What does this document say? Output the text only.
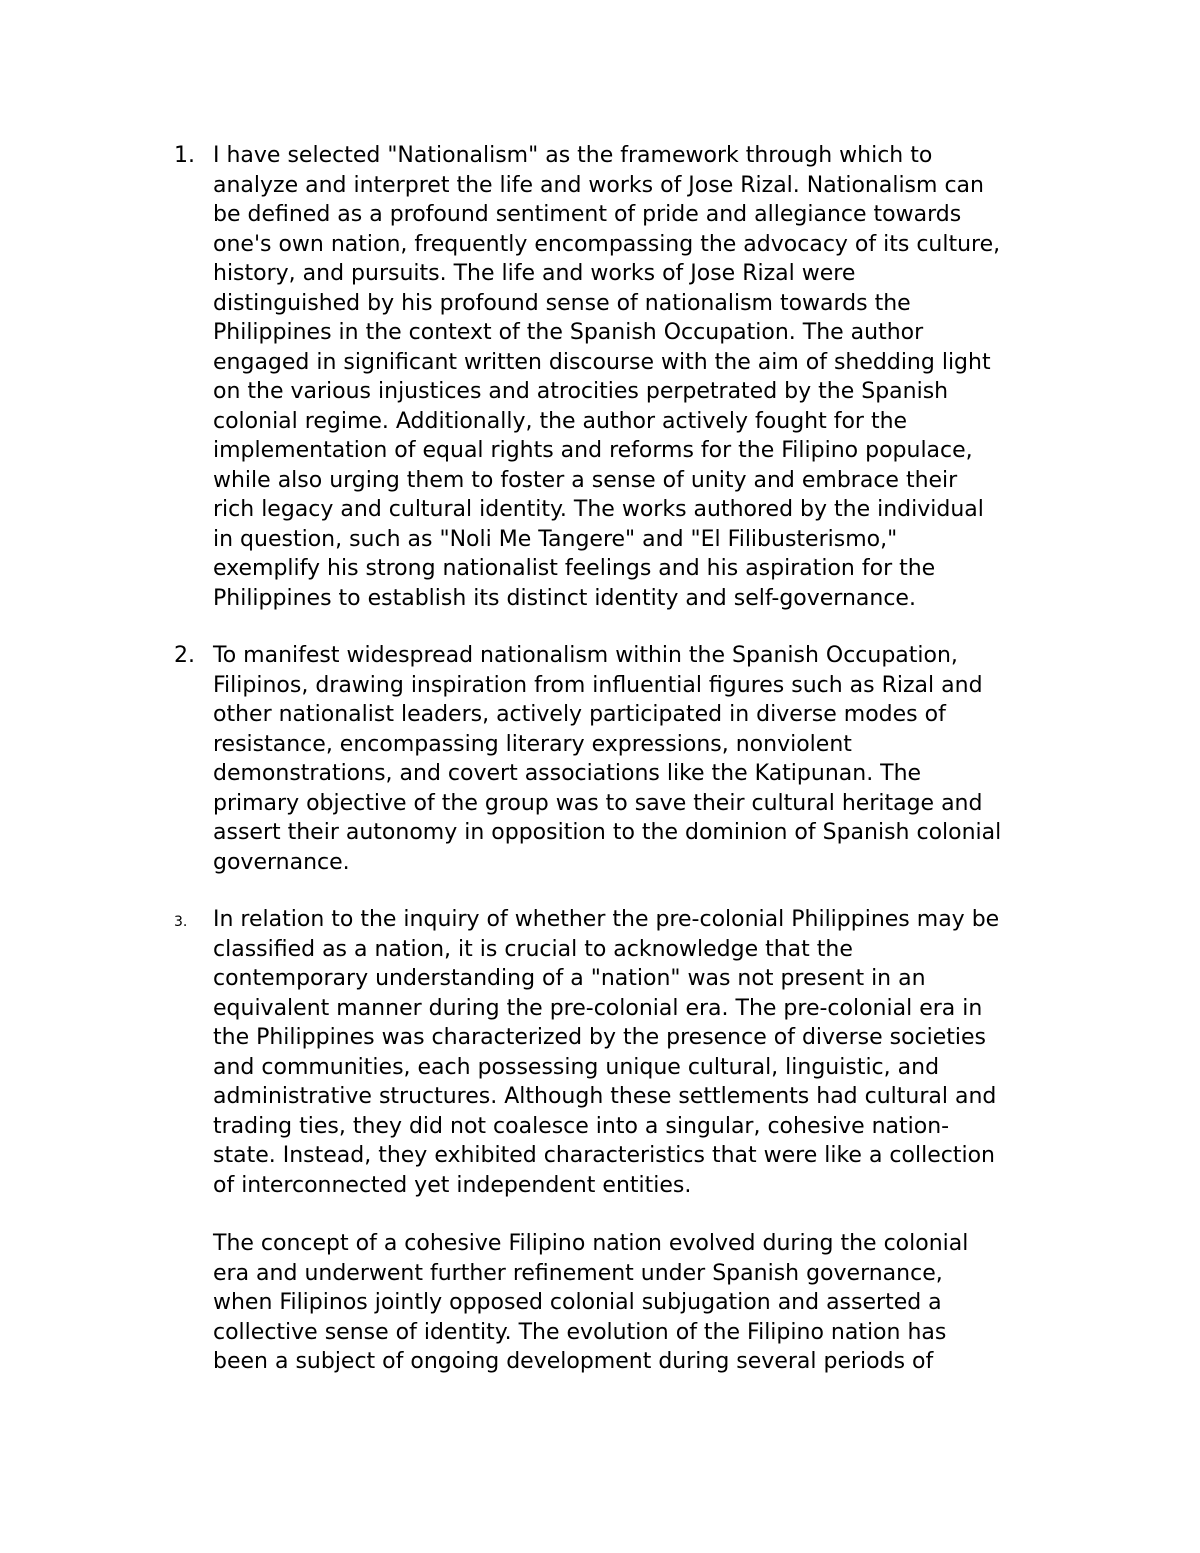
1. I have selected "Nationalism" as the framework through which to
analyze and interpret the life and works of Jose Rizal. Nationalism can
be defined as a profound sentiment of pride and allegiance towards
one's own nation, frequently encompassing the advocacy of its culture,
history, and pursuits. The life and works of Jose Rizal were
distinguished by his profound sense of nationalism towards the
Philippines in the context of the Spanish Occupation. The author
engaged in significant written discourse with the aim of shedding light
on the various injustices and atrocities perpetrated by the Spanish
colonial regime. Additionally, the author actively fought for the
implementation of equal rights and reforms for the Filipino populace,
while also urging them to foster a sense of unity and embrace their
rich legacy and cultural identity. The works authored by the individual
in question, such as "Noli Me Tangere" and "El Filibusterismo,"
exemplify his strong nationalist feelings and his aspiration for the
Philippines to establish its distinct identity and self-governance.
2. To manifest widespread nationalism within the Spanish Occupation,
Filipinos, drawing inspiration from influential figures such as Rizal and
other nationalist leaders, actively participated in diverse modes of
resistance, encompassing literary expressions, nonviolent
demonstrations, and covert associations like the Katipunan. The
primary objective of the group was to save their cultural heritage and
assert their autonomy in opposition to the dominion of Spanish colonial
governance.
3. In relation to the inquiry of whether the pre-colonial Philippines may be
classified as a nation, it is crucial to acknowledge that the
contemporary understanding of a "nation" was not present in an
equivalent manner during the pre-colonial era. The pre-colonial era in
the Philippines was characterized by the presence of diverse societies
and communities, each possessing unique cultural, linguistic, and
administrative structures. Although these settlements had cultural and
trading ties, they did not coalesce into a singular, cohesive nation-
state. Instead, they exhibited characteristics that were like a collection
of interconnected yet independent entities.
The concept of a cohesive Filipino nation evolved during the colonial
era and underwent further refinement under Spanish governance,
when Filipinos jointly opposed colonial subjugation and asserted a
collective sense of identity. The evolution of the Filipino nation has
been a subject of ongoing development during several periods of
